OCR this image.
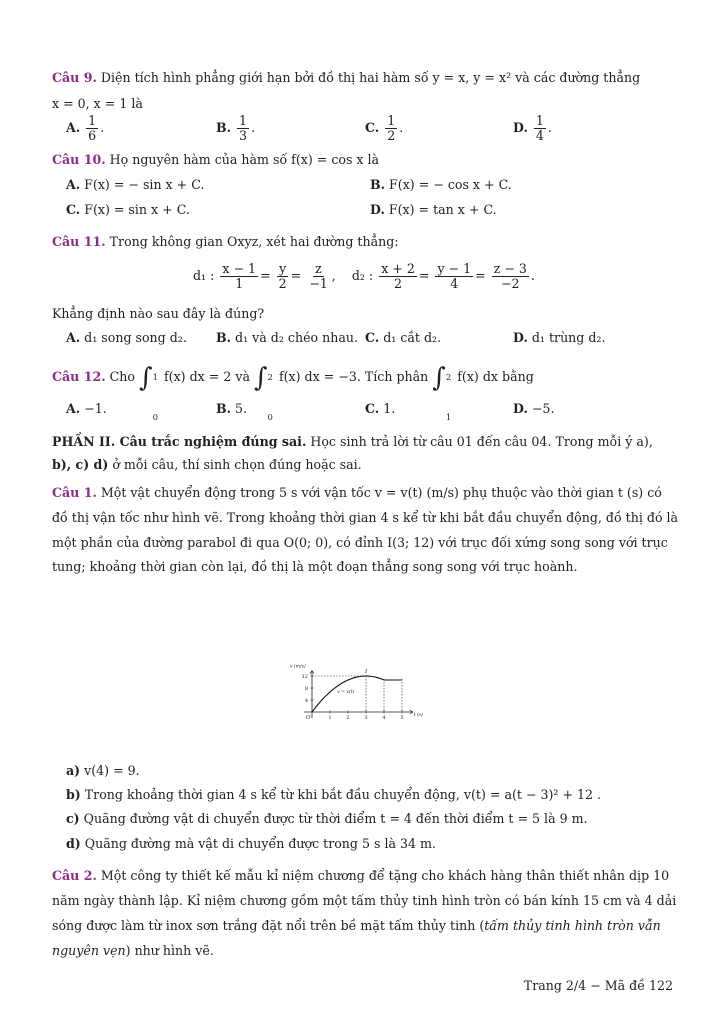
Câu 9. Diện tích hình phẳng giới hạn bởi đồ thị hai hàm số y = x, y = x² và các đường thẳng
x = 0, x = 1 là
A. $\frac{1}{6}$ .	B. $\frac{1}{3}$ .	C. $\frac{1}{2}$ .	D. $\frac{1}{4}$ .
Câu 10. Họ nguyên hàm của hàm số f(x) = cos x là
A. F(x) = − sin x + C.	B. F(x) = − cos x + C.
C. F(x) = sin x + C.	D. F(x) = tan x + C.
Câu 11. Trong không gian Oxyz, xét hai đường thẳng:
d₁ : $\frac{x - 1}{1} = \frac{y}{2} = \frac{z}{-1}$ ,    d₂ : $\frac{x + 2}{2} = \frac{y - 1}{4} = \frac{z - 3}{-2}$ .
Khẳng định nào sau đây là đúng?
A. d₁ song song d₂. B. d₁ và d₂ chéo nhau. C. d₁ cắt d₂.	D. d₁ trùng d₂.
Câu 12. Cho ∫ 1
0
f(x) dx = 2 và ∫ 2
0
f(x) dx = −3. Tích phân ∫ 2
1
f(x) dx bằng
A. −1.	B. 5.	C. 1.	D. −5.
PHẦN II. Câu trắc nghiệm đúng sai. Học sinh trả lời từ câu 01 đến câu 04. Trong mỗi ý a),
b), c) d) ở mỗi câu, thí sinh chọn đúng hoặc sai.
Câu 1. Một vật chuyển động trong 5 s với vận tốc v = v(t) (m/s) phụ thuộc vào thời gian t (s) có
đồ thị vận tốc như hình vẽ. Trong khoảng thời gian 4 s kể từ khi bắt đầu chuyển động, đồ thị đó là
một phần của đường parabol đi qua O(0; 0), có đỉnh I(3; 12) với trục đối xứng song song với trục
tung; khoảng thời gian còn lại, đồ thị là một đoạn thẳng song song với trục hoành.
1	2	3	4	5
4
8
12
O
v (m/s)
t (s)
I
v = v(t)
a) v(4) = 9.
b) Trong khoảng thời gian 4 s kể từ khi bắt đầu chuyển động, v(t) = a(t − 3)² + 12 .
c) Quãng đường vật di chuyển được từ thời điểm t = 4 đến thời điểm t = 5 là 9 m.
d) Quãng đường mà vật di chuyển được trong 5 s là 34 m.
Câu 2. Một công ty thiết kế mẫu kỉ niệm chương để tặng cho khách hàng thân thiết nhân dịp 10
năm ngày thành lập. Kỉ niệm chương gồm một tấm thủy tinh hình tròn có bán kính 15 cm và 4 dải
sóng được làm từ inox sơn trắng đặt nổi trên bề mặt tấm thủy tinh (tấm thủy tinh hình tròn vẫn
nguyên vẹn) như hình vẽ.
Trang 2/4 − Mã đề 122
